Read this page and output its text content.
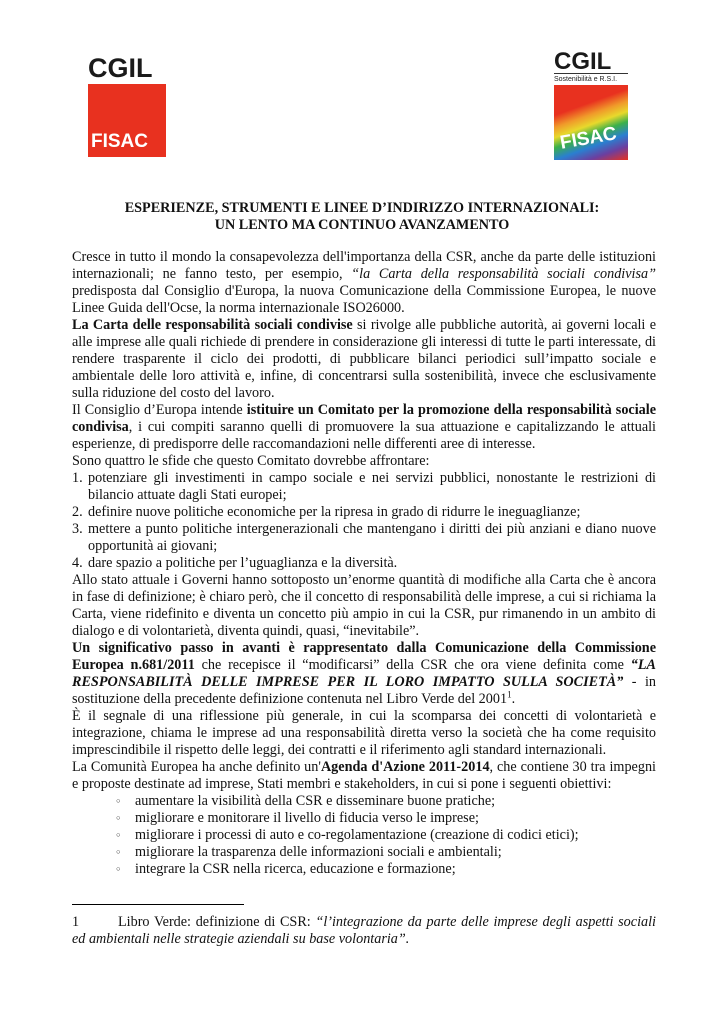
CGIL
FISAC
CGIL
Sostenibilità e R.S.I.
FISAC
ESPERIENZE, STRUMENTI E LINEE D’INDIRIZZO INTERNAZIONALI:
UN LENTO MA CONTINUO AVANZAMENTO

Cresce in tutto il mondo la consapevolezza dell'importanza della CSR, anche da parte delle istituzioni internazionali; ne fanno testo, per esempio, “la Carta della responsabilità sociali condivisa” predisposta dal Consiglio d'Europa, la nuova Comunicazione della Commissione Europea, le nuove Linee Guida dell'Ocse, la norma internazionale ISO26000.

La Carta delle responsabilità sociali condivise si rivolge alle pubbliche autorità, ai governi locali e alle imprese alle quali richiede di prendere in considerazione gli interessi di tutte le parti interessate, di rendere trasparente il ciclo dei prodotti, di pubblicare bilanci periodici sull’impatto sociale e ambientale delle loro attività e, infine, di concentrarsi sulla sostenibilità, invece che esclusivamente sulla riduzione del costo del lavoro.

Il Consiglio d’Europa intende istituire un Comitato per la promozione della responsabilità sociale condivisa, i cui compiti saranno quelli di promuovere la sua attuazione e capitalizzando le attuali esperienze, di predisporre delle raccomandazioni nelle differenti aree di interesse.

Sono quattro le sfide che questo Comitato dovrebbe affrontare:

1. potenziare gli investimenti in campo sociale e nei servizi pubblici, nonostante le restrizioni di bilancio attuate dagli Stati europei;
2. definire nuove politiche economiche per la ripresa in grado di ridurre le ineguaglianze;
3. mettere a punto politiche intergenerazionali che mantengano i diritti dei più anziani e diano nuove opportunità ai giovani;
4. dare spazio a politiche per l’uguaglianza e la diversità.

Allo stato attuale i Governi hanno sottoposto un’enorme quantità di modifiche alla Carta che è ancora in fase di definizione; è chiaro però, che il concetto di responsabilità delle imprese, a cui si richiama la Carta, viene ridefinito e diventa un concetto più ampio in cui la CSR, pur rimanendo in un ambito di dialogo e di volontarietà, diventa quindi, quasi, “inevitabile”.

Un significativo passo in avanti è rappresentato dalla Comunicazione della Commissione Europea n.681/2011 che recepisce il “modificarsi” della CSR che ora viene definita come “LA RESPONSABILITÀ DELLE IMPRESE PER IL LORO IMPATTO SULLA SOCIETÀ” - in sostituzione della precedente definizione contenuta nel Libro Verde del 2001$^1$.

È il segnale di una riflessione più generale, in cui la scomparsa dei concetti di volontarietà e integrazione, chiama le imprese ad una responsabilità diretta verso la società che ha come requisito imprescindibile il rispetto delle leggi, dei contratti e il riferimento agli standard internazionali.

La Comunità Europea ha anche definito un'Agenda d'Azione 2011-2014, che contiene 30 tra impegni e proposte destinate ad imprese, Stati membri e stakeholders, in cui si pone i seguenti obiettivi:

◦ aumentare la visibilità della CSR e disseminare buone pratiche;
◦ migliorare e monitorare il livello di fiducia verso le imprese;
◦ migliorare i processi di auto e co-regolamentazione (creazione di codici etici);
◦ migliorare la trasparenza delle informazioni sociali e ambientali;
◦ integrare la CSR nella ricerca, educazione e formazione;
1	Libro Verde: definizione di CSR: “l’integrazione da parte delle imprese degli aspetti sociali ed ambientali nelle strategie aziendali su base volontaria”.
